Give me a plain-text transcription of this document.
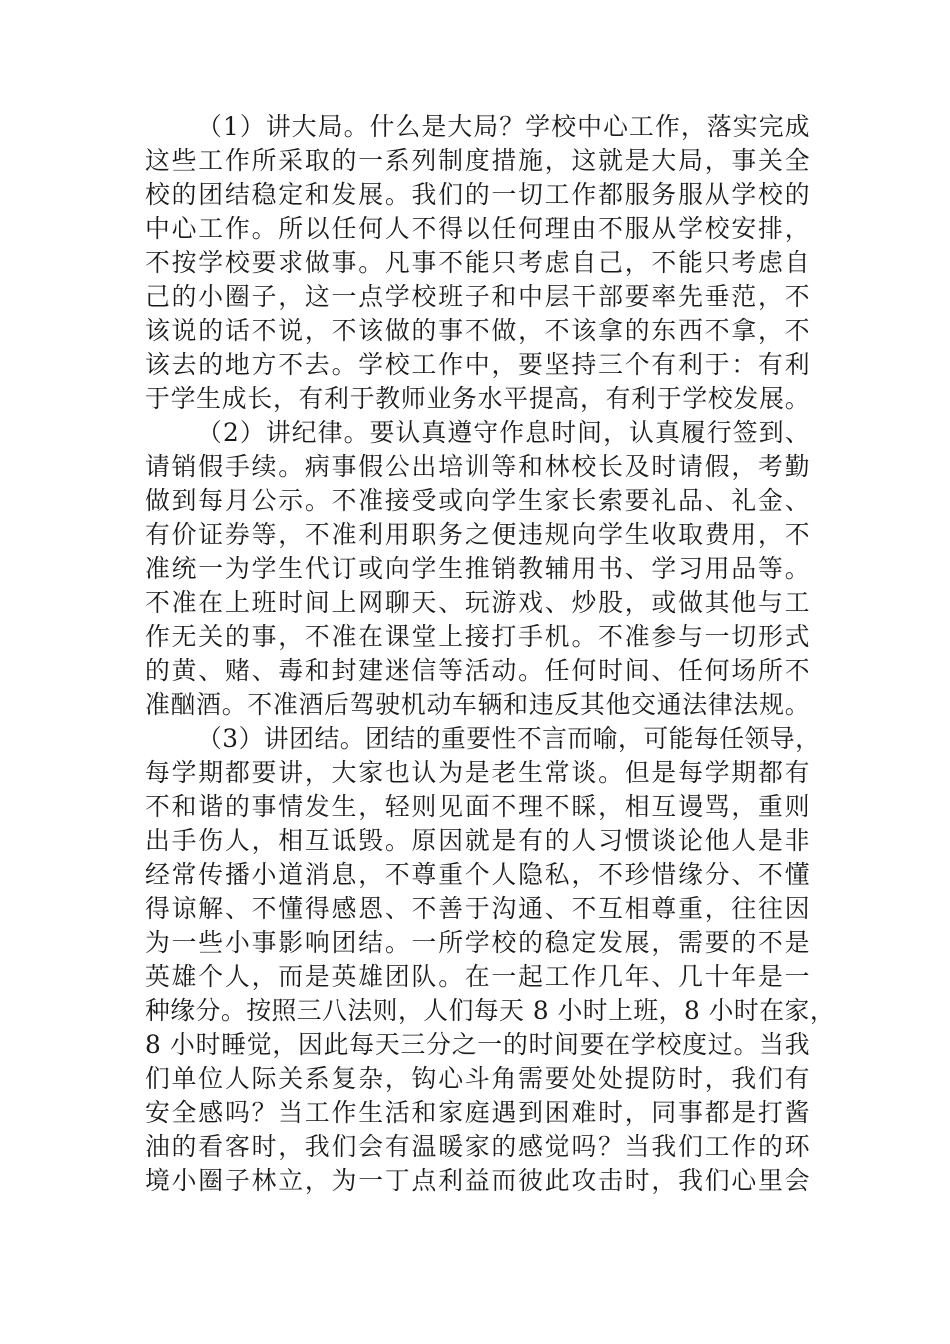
（1）讲大局。什么是大局？学校中心工作，落实完成
这些工作所采取的一系列制度措施，这就是大局，事关全
校的团结稳定和发展。我们的一切工作都服务服从学校的
中心工作。所以任何人不得以任何理由不服从学校安排，
不按学校要求做事。凡事不能只考虑自己，不能只考虑自
己的小圈子，这一点学校班子和中层干部要率先垂范，不
该说的话不说，不该做的事不做，不该拿的东西不拿，不
该去的地方不去。学校工作中，要坚持三个有利于：有利
于学生成长，有利于教师业务水平提高，有利于学校发展。
（2）讲纪律。要认真遵守作息时间，认真履行签到、
请销假手续。病事假公出培训等和林校长及时请假，考勤
做到每月公示。不准接受或向学生家长索要礼品、礼金、
有价证券等，不准利用职务之便违规向学生收取费用，不
准统一为学生代订或向学生推销教辅用书、学习用品等。
不准在上班时间上网聊天、玩游戏、炒股，或做其他与工
作无关的事，不准在课堂上接打手机。不准参与一切形式
的黄、赌、毒和封建迷信等活动。任何时间、任何场所不
准酗酒。不准酒后驾驶机动车辆和违反其他交通法律法规。
（3）讲团结。团结的重要性不言而喻，可能每任领导，
每学期都要讲，大家也认为是老生常谈。但是每学期都有
不和谐的事情发生，轻则见面不理不睬，相互谩骂，重则
出手伤人，相互诋毁。原因就是有的人习惯谈论他人是非
经常传播小道消息，不尊重个人隐私，不珍惜缘分、不懂
得谅解、不懂得感恩、不善于沟通、不互相尊重，往往因
为一些小事影响团结。一所学校的稳定发展，需要的不是
英雄个人，而是英雄团队。在一起工作几年、几十年是一
种缘分。按照三八法则，人们每天 8 小时上班，8 小时在家，
8 小时睡觉，因此每天三分之一的时间要在学校度过。当我
们单位人际关系复杂，钩心斗角需要处处提防时，我们有
安全感吗？当工作生活和家庭遇到困难时，同事都是打酱
油的看客时，我们会有温暖家的感觉吗？当我们工作的环
境小圈子林立，为一丁点利益而彼此攻击时，我们心里会
